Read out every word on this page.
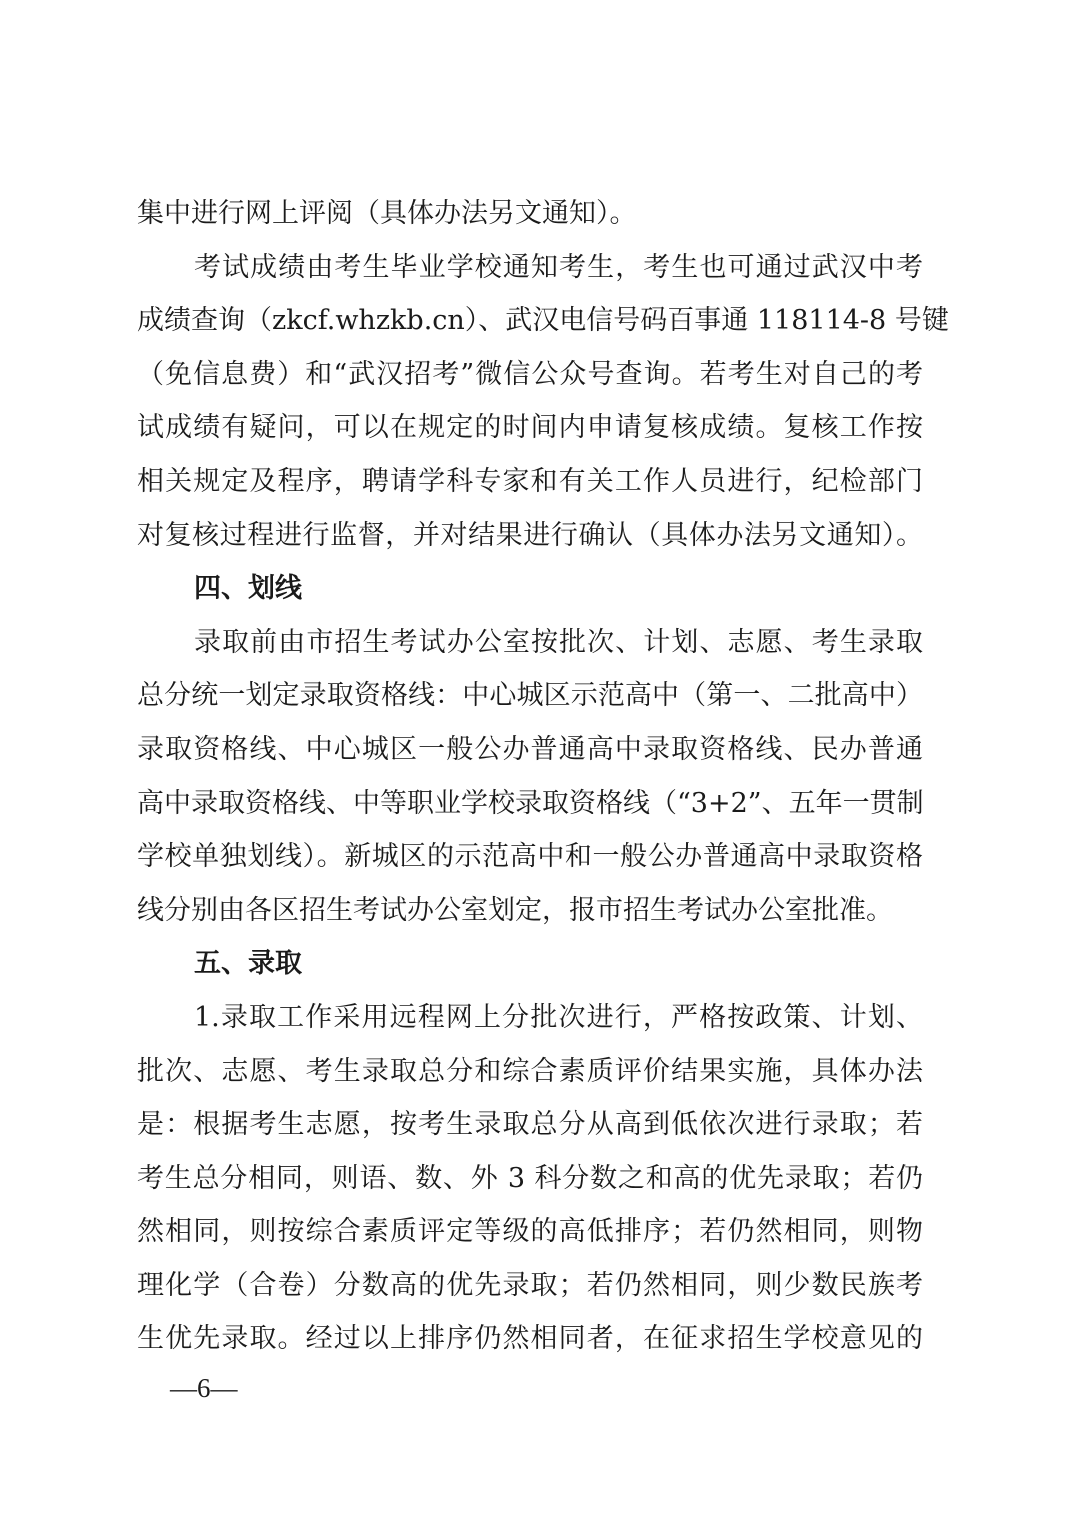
集中进行网上评阅（具体办法另文通知）。
考试成绩由考生毕业学校通知考生，考生也可通过武汉中考
成绩查询（zkcf.whzkb.cn）、武汉电信号码百事通 118114-8 号键
（免信息费）和“武汉招考”微信公众号查询。若考生对自己的考
试成绩有疑问，可以在规定的时间内申请复核成绩。复核工作按
相关规定及程序，聘请学科专家和有关工作人员进行，纪检部门
对复核过程进行监督，并对结果进行确认（具体办法另文通知）。
四、划线
录取前由市招生考试办公室按批次、计划、志愿、考生录取
总分统一划定录取资格线：中心城区示范高中（第一、二批高中）
录取资格线、中心城区一般公办普通高中录取资格线、民办普通
高中录取资格线、中等职业学校录取资格线（“3+2”、五年一贯制
学校单独划线）。新城区的示范高中和一般公办普通高中录取资格
线分别由各区招生考试办公室划定，报市招生考试办公室批准。
五、录取
1.录取工作采用远程网上分批次进行，严格按政策、计划、
批次、志愿、考生录取总分和综合素质评价结果实施，具体办法
是：根据考生志愿，按考生录取总分从高到低依次进行录取；若
考生总分相同，则语、数、外 3 科分数之和高的优先录取；若仍
然相同，则按综合素质评定等级的高低排序；若仍然相同，则物
理化学（合卷）分数高的优先录取；若仍然相同，则少数民族考
生优先录取。经过以上排序仍然相同者，在征求招生学校意见的
—6—
